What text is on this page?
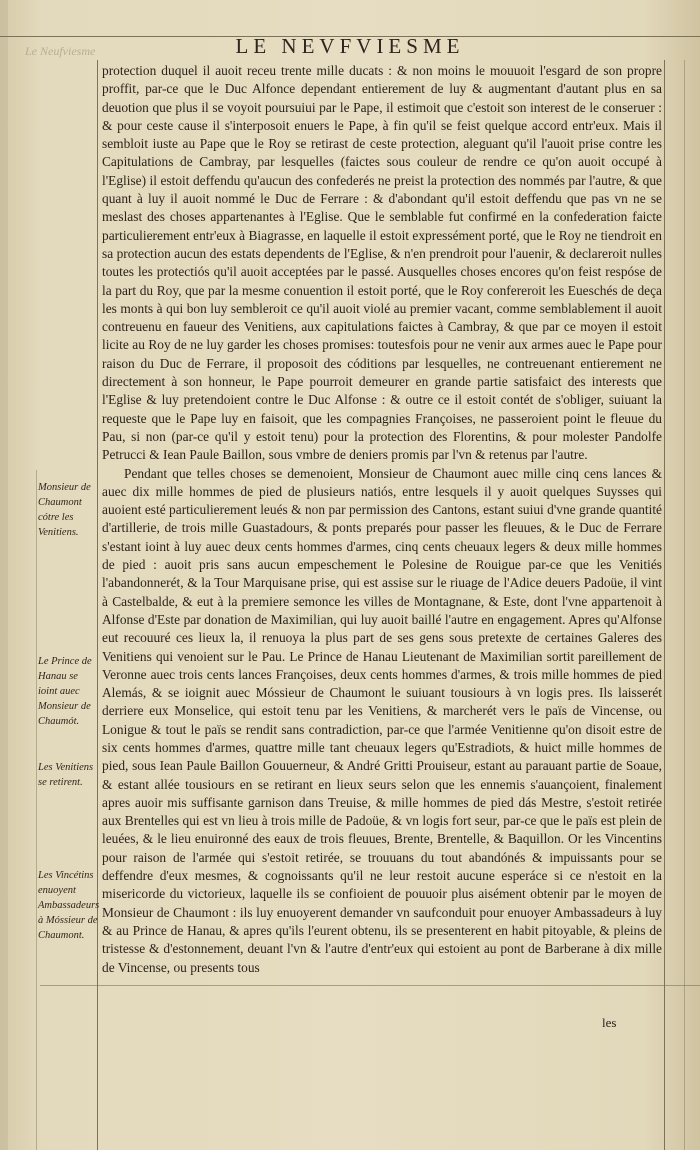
Le Neufviesme	LE NEVFVIESME
Monsieur de Chaumont cótre les Venitiens.
Le Prince de Hanau se ioint auec Monsieur de Chaumót.
Les Venitiens se retirent.
Les Vincétins enuoyent Ambassadeurs à Móssieur de Chaumont.

protection duquel il auoit receu trente mille ducats : & non moins le mouuoit l'esgard de son propre proffit, par-ce que le Duc Alfonce dependant entierement de luy & augmentant d'autant plus en sa deuotion que plus il se voyoit poursuiui par le Pape, il estimoit que c'estoit son interest de le conseruer : & pour ceste cause il s'interposoit enuers le Pape, à fin qu'il se feist quelque accord entr'eux. Mais il sembloit iuste au Pape que le Roy se retirast de ceste protection, aleguant qu'il l'auoit prise contre les Capitulations de Cambray, par lesquelles (faictes sous couleur de rendre ce qu'on auoit occupé à l'Eglise) il estoit deffendu qu'aucun des confederés ne preist la protection des nommés par l'autre, & que quant à luy il auoit nommé le Duc de Ferrare : & d'abondant qu'il estoit deffendu que pas vn ne se meslast des choses appartenantes à l'Eglise. Que le semblable fut confirmé en la confederation faicte particulierement entr'eux à Biagrasse, en laquelle il estoit expressément porté, que le Roy ne tiendroit en sa protection aucun des estats dependents de l'Eglise, & n'en prendroit pour l'auenir, & declareroit nulles toutes les protectiós qu'il auoit acceptées par le passé. Ausquelles choses encores qu'on feist respóse de la part du Roy, que par la mesme conuention il estoit porté, que le Roy confereroit les Eueschés de deça les monts à qui bon luy sembleroit ce qu'il auoit violé au premier vacant, comme semblablement il auoit contreuenu en faueur des Venitiens, aux capitulations faictes à Cambray, & que par ce moyen il estoit licite au Roy de ne luy garder les choses promises: toutesfois pour ne venir aux armes auec le Pape pour raison du Duc de Ferrare, il proposoit des códitions par lesquelles, ne contreuenant entierement ne directement à son honneur, le Pape pourroit demeurer en grande partie satisfaict des interests que l'Eglise & luy pretendoient contre le Duc Alfonse : & outre ce il estoit contét de s'obliger, suiuant la requeste que le Pape luy en faisoit, que les compagnies Françoises, ne passeroient point le fleuue du Pau, si non (par-ce qu'il y estoit tenu) pour la protection des Florentins, & pour molester Pandolfe Petrucci & Iean Paule Baillon, sous vmbre de deniers promis par l'vn & retenus par l'autre.

Pendant que telles choses se demenoient, Monsieur de Chaumont auec mille cinq cens lances & auec dix mille hommes de pied de plusieurs natiós, entre lesquels il y auoit quelques Suysses qui auoient esté particulierement leués & non par permission des Cantons, estant suiui d'vne grande quantité d'artillerie, de trois mille Guastadours, & ponts preparés pour passer les fleuues, & le Duc de Ferrare s'estant ioint à luy auec deux cents hommes d'armes, cinq cents cheuaux legers & deux mille hommes de pied : auoit pris sans aucun empeschement le Polesine de Rouigue par-ce que les Venitiés l'abandonnerét, & la Tour Marquisane prise, qui est assise sur le riuage de l'Adice deuers Padoüe, il vint à Castelbalde, & eut à la premiere semonce les villes de Montagnane, & Este, dont l'vne appartenoit à Alfonse d'Este par donation de Maximilian, qui luy auoit baillé l'autre en engagement. Apres qu'Alfonse eut recouuré ces lieux la, il renuoya la plus part de ses gens sous pretexte de certaines Galeres des Venitiens qui venoient sur le Pau. Le Prince de Hanau Lieutenant de Maximilian sortit pareillement de Veronne auec trois cents lances Françoises, deux cents hommes d'armes, & trois mille hommes de pied Alemás, & se ioignit auec Móssieur de Chaumont le suiuant tousiours à vn logis pres. Ils laisserét derriere eux Monselice, qui estoit tenu par les Venitiens, & marcherét vers le païs de Vincense, ou Lonigue & tout le païs se rendit sans contradiction, par-ce que l'armée Venitienne qu'on disoit estre de six cents hommes d'armes, quattre mille tant cheuaux legers qu'Estradiots, & huict mille hommes de pied, sous Iean Paule Baillon Gouuerneur, & André Gritti Prouiseur, estant au parauant partie de Soaue, & estant allée tousiours en se retirant en lieux seurs selon que les ennemis s'auançoient, finalement apres auoir mis suffisante garnison dans Treuise, & mille hommes de pied dás Mestre, s'estoit retirée aux Brentelles qui est vn lieu à trois mille de Padoüe, & vn logis fort seur, par-ce que le païs est plein de leuées, & le lieu enuironné des eaux de trois fleuues, Brente, Brentelle, & Baquillon. Or les Vincentins pour raison de l'armée qui s'estoit retirée, se trouuans du tout abandónés & impuissants pour se deffendre d'eux mesmes, & cognoissants qu'il ne leur restoit aucune esperáce si ce n'estoit en la misericorde du victorieux, laquelle ils se confioient de pouuoir plus aisément obtenir par le moyen de Monsieur de Chaumont : ils luy enuoyerent demander vn saufconduit pour enuoyer Ambassadeurs à luy & au Prince de Hanau, & apres qu'ils l'eurent obtenu, ils se presenterent en habit pitoyable, & pleins de tristesse & d'estonnement, deuant l'vn & l'autre d'entr'eux qui estoient au pont de Barberane à dix mille de Vincense, ou presents tous

les
